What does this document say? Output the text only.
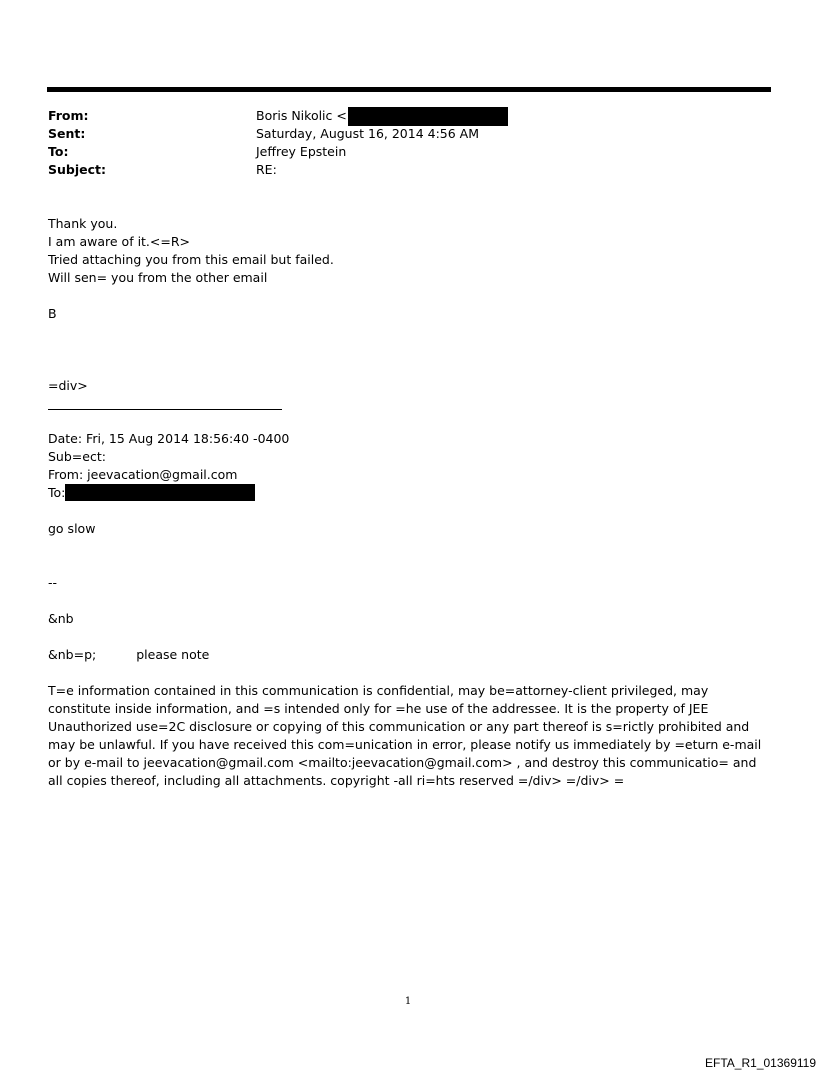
From:	Boris Nikolic <
Sent:	Saturday, August 16, 2014 4:56 AM
To:	Jeffrey Epstein
Subject:	RE:
Thank you.
I am aware of it.<=R>
Tried attaching you from this email but failed.
Will sen= you from the other email
B
=div>
Date: Fri, 15 Aug 2014 18:56:40 -0400
Sub=ect:
From: jeevacation@gmail.com
To:
go slow
--
&nb
&nb=p;	please note
T=e information contained in this communication is confidential, may be=attorney-client privileged, may constitute inside information, and =s intended only for =he use of the addressee. It is the property of JEE Unauthorized use=2C disclosure or copying of this communication or any part thereof is s=rictly prohibited and may be unlawful. If you have received this com=unication in error, please notify us immediately by =eturn e-mail or by e-mail to jeevacation@gmail.com <mailto:jeevacation@gmail.com> , and destroy this communicatio= and all copies thereof, including all attachments. copyright -all ri=hts reserved =/div> =/div> =
1
EFTA_R1_01369119
